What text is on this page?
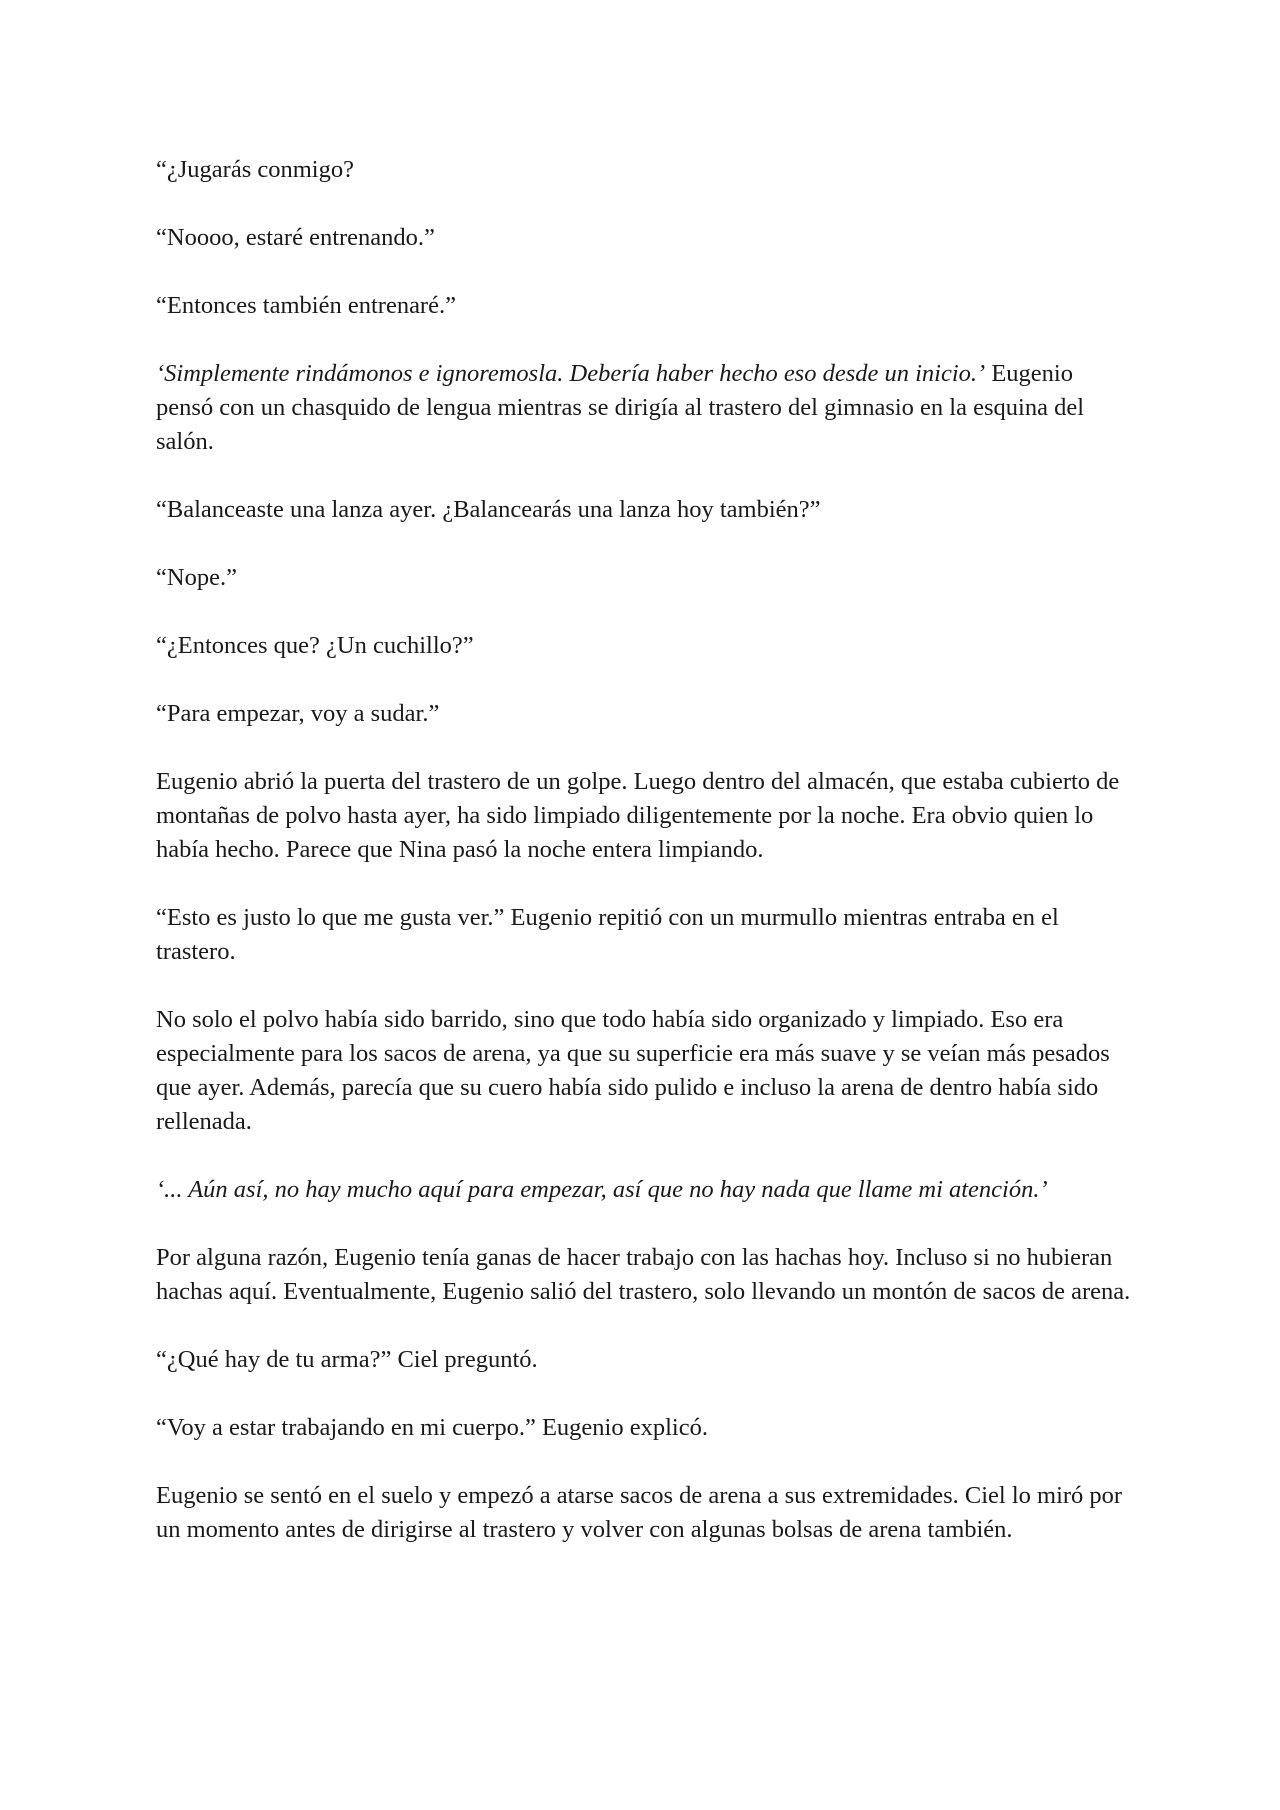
“¿Jugarás conmigo?

“Noooo, estaré entrenando.”

“Entonces también entrenaré.”

‘Simplemente rindámonos e ignoremosla. Debería haber hecho eso desde un inicio.’ Eugenio pensó con un chasquido de lengua mientras se dirigía al trastero del gimnasio en la esquina del salón.

“Balanceaste una lanza ayer. ¿Balancearás una lanza hoy también?”

“Nope.”

“¿Entonces que? ¿Un cuchillo?”

“Para empezar, voy a sudar.”

Eugenio abrió la puerta del trastero de un golpe. Luego dentro del almacén, que estaba cubierto de montañas de polvo hasta ayer, ha sido limpiado diligentemente por la noche. Era obvio quien lo había hecho. Parece que Nina pasó la noche entera limpiando.

“Esto es justo lo que me gusta ver.” Eugenio repitió con un murmullo mientras entraba en el trastero.

No solo el polvo había sido barrido, sino que todo había sido organizado y limpiado. Eso era especialmente para los sacos de arena, ya que su superficie era más suave y se veían más pesados que ayer. Además, parecía que su cuero había sido pulido e incluso la arena de dentro había sido rellenada.

‘... Aún así, no hay mucho aquí para empezar, así que no hay nada que llame mi atención.’

Por alguna razón, Eugenio tenía ganas de hacer trabajo con las hachas hoy. Incluso si no hubieran hachas aquí. Eventualmente, Eugenio salió del trastero, solo llevando un montón de sacos de arena.

“¿Qué hay de tu arma?” Ciel preguntó.

“Voy a estar trabajando en mi cuerpo.” Eugenio explicó.

Eugenio se sentó en el suelo y empezó a atarse sacos de arena a sus extremidades. Ciel lo miró por un momento antes de dirigirse al trastero y volver con algunas bolsas de arena también.
